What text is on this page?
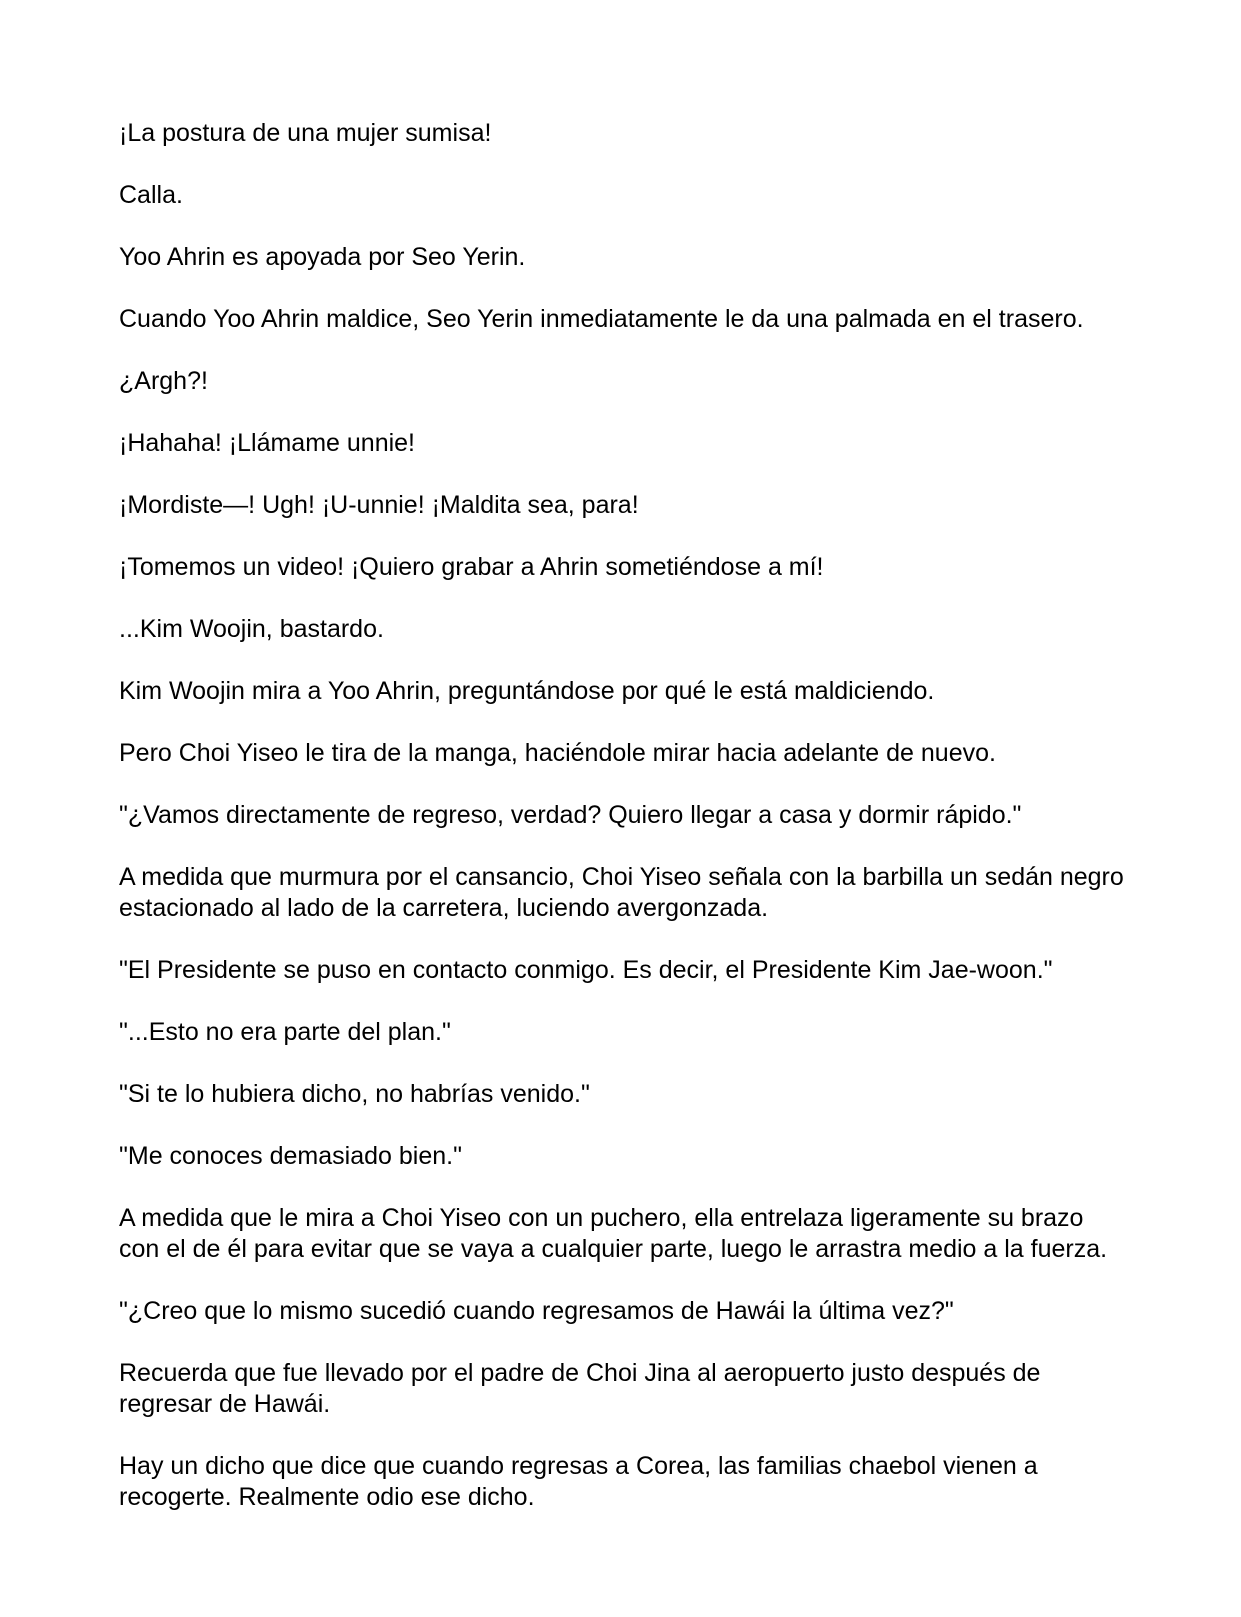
¡La postura de una mujer sumisa!

Calla.

Yoo Ahrin es apoyada por Seo Yerin.

Cuando Yoo Ahrin maldice, Seo Yerin inmediatamente le da una palmada en el trasero.

¿Argh?!

¡Hahaha! ¡Llámame unnie!

¡Mordiste—! Ugh! ¡U-unnie! ¡Maldita sea, para!

¡Tomemos un video! ¡Quiero grabar a Ahrin sometiéndose a mí!

...Kim Woojin, bastardo.

Kim Woojin mira a Yoo Ahrin, preguntándose por qué le está maldiciendo.

Pero Choi Yiseo le tira de la manga, haciéndole mirar hacia adelante de nuevo.

"¿Vamos directamente de regreso, verdad? Quiero llegar a casa y dormir rápido."

A medida que murmura por el cansancio, Choi Yiseo señala con la barbilla un sedán negro estacionado al lado de la carretera, luciendo avergonzada.

"El Presidente se puso en contacto conmigo. Es decir, el Presidente Kim Jae-woon."

"...Esto no era parte del plan."

"Si te lo hubiera dicho, no habrías venido."

"Me conoces demasiado bien."

A medida que le mira a Choi Yiseo con un puchero, ella entrelaza ligeramente su brazo con el de él para evitar que se vaya a cualquier parte, luego le arrastra medio a la fuerza.

"¿Creo que lo mismo sucedió cuando regresamos de Hawái la última vez?"

Recuerda que fue llevado por el padre de Choi Jina al aeropuerto justo después de regresar de Hawái.

Hay un dicho que dice que cuando regresas a Corea, las familias chaebol vienen a recogerte. Realmente odio ese dicho.
